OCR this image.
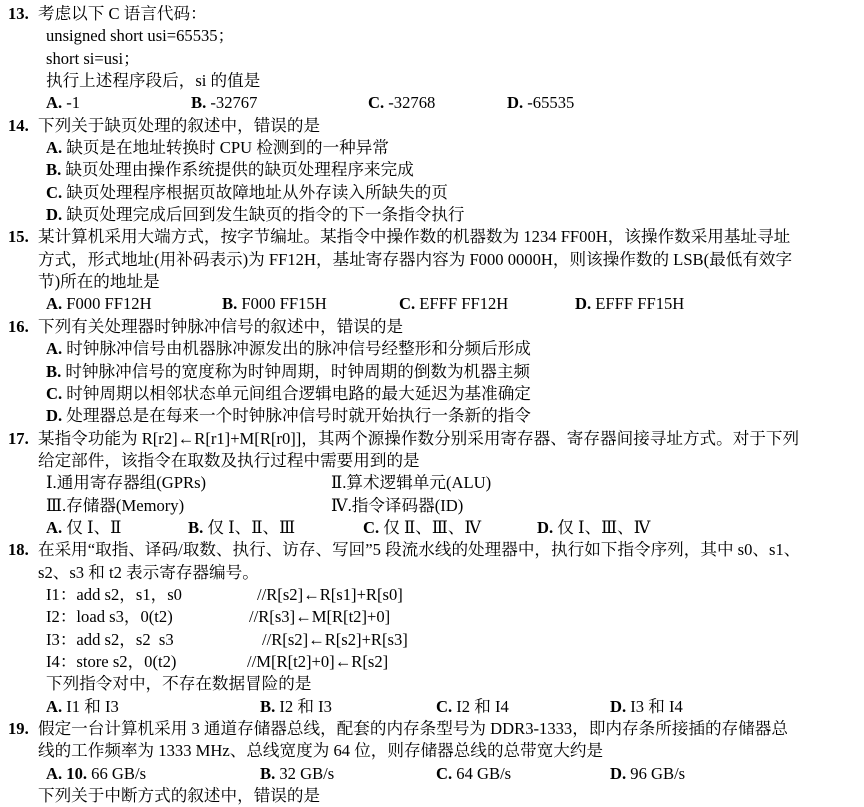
13. 考虑以下 C 语言代码：
unsigned short usi=65535；
short si=usi；
执行上述程序段后，si 的值是
A. -1	B. -32767	C. -32768	D. -65535
14. 下列关于缺页处理的叙述中，错误的是
A. 缺页是在地址转换时 CPU 检测到的一种异常
B. 缺页处理由操作系统提供的缺页处理程序来完成
C. 缺页处理程序根据页故障地址从外存读入所缺失的页
D. 缺页处理完成后回到发生缺页的指令的下一条指令执行
15. 某计算机采用大端方式，按字节编址。某指令中操作数的机器数为 1234 FF00H，该操作数采用基址寻址
方式，形式地址(用补码表示)为 FF12H，基址寄存器内容为 F000 0000H，则该操作数的 LSB(最低有效字
节)所在的地址是
A. F000 FF12H	B. F000 FF15H	C. EFFF FF12H	D. EFFF FF15H
16. 下列有关处理器时钟脉冲信号的叙述中，错误的是
A. 时钟脉冲信号由机器脉冲源发出的脉冲信号经整形和分频后形成
B. 时钟脉冲信号的宽度称为时钟周期，时钟周期的倒数为机器主频
C. 时钟周期以相邻状态单元间组合逻辑电路的最大延迟为基准确定
D. 处理器总是在每来一个时钟脉冲信号时就开始执行一条新的指令
17. 某指令功能为 R[r2]←R[r1]+M[R[r0]]，其两个源操作数分别采用寄存器、寄存器间接寻址方式。对于下列
给定部件，该指令在取数及执行过程中需要用到的是
Ⅰ.通用寄存器组(GPRs)	Ⅱ.算术逻辑单元(ALU)
Ⅲ.存储器(Memory)	Ⅳ.指令译码器(ID)
A. 仅 Ⅰ、Ⅱ	B. 仅 Ⅰ、Ⅱ、Ⅲ	C. 仅 Ⅱ、Ⅲ、Ⅳ	D. 仅 Ⅰ、Ⅲ、Ⅳ
18. 在采用“取指、译码/取数、执行、访存、写回”5 段流水线的处理器中，执行如下指令序列，其中 s0、s1、
s2、s3 和 t2 表示寄存器编号。
I1：add s2，s1，s0	//R[s2]←R[s1]+R[s0]
I2：load s3，0(t2)	//R[s3]←M[R[t2]+0]
I3：add s2，s2  s3	//R[s2]←R[s2]+R[s3]
I4：store s2，0(t2)	//M[R[t2]+0]←R[s2]
下列指令对中，不存在数据冒险的是
A. I1 和 I3	B. I2 和 I3	C. I2 和 I4	D. I3 和 I4
19. 假定一台计算机采用 3 通道存储器总线，配套的内存条型号为 DDR3-1333，即内存条所接插的存储器总
线的工作频率为 1333 MHz、总线宽度为 64 位，则存储器总线的总带宽大约是
A. 10. 66 GB/s	B. 32 GB/s	C. 64 GB/s	D. 96 GB/s
下列关于中断方式的叙述中，错误的是
